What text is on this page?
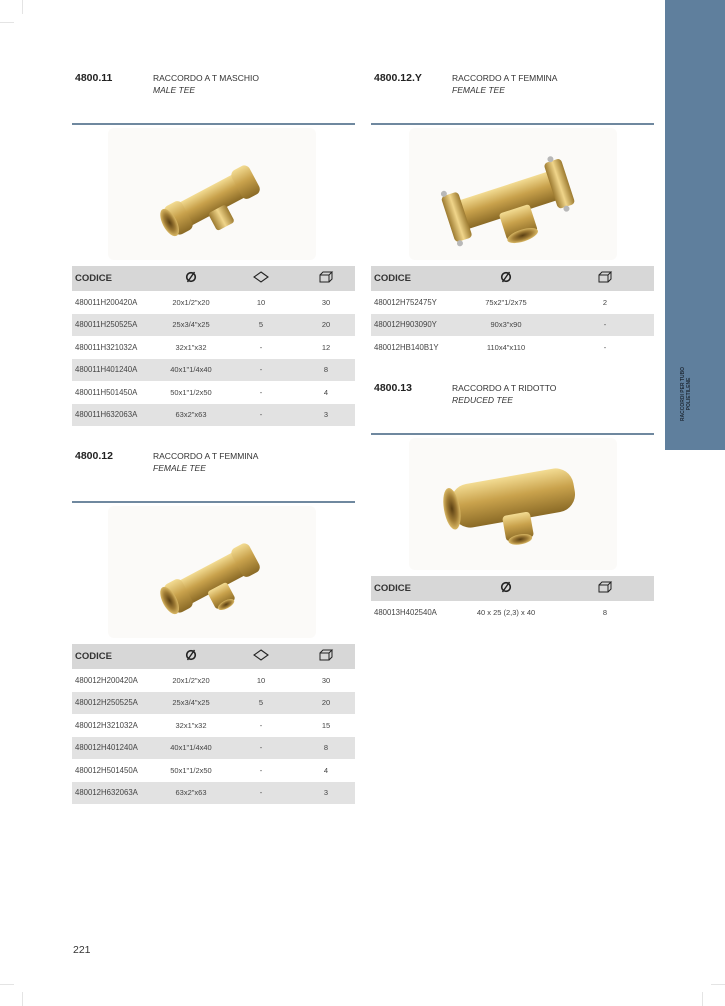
RACCORDI PER TUBO POLIETILENE
4800.11	RACCORDO A T MASCHIO
MALE TEE
CODICE			
480011H200420A	20x1/2"x20	10	30
480011H250525A	25x3/4"x25	5	20
480011H321032A	32x1"x32	-	12
480011H401240A	40x1"1/4x40	-	8
480011H501450A	50x1"1/2x50	-	4
480011H632063A	63x2"x63	-	3
4800.12.Y	RACCORDO A T FEMMINA
FEMALE TEE
CODICE		
480012H752475Y	75x2"1/2x75	2
480012H903090Y	90x3"x90	-
480012HB140B1Y	110x4"x110	-
4800.13	RACCORDO A T RIDOTTO
REDUCED TEE
CODICE		
480013H402540A	40 x 25 (2,3) x 40	8
4800.12	RACCORDO A T FEMMINA
FEMALE TEE
CODICE			
480012H200420A	20x1/2"x20	10	30
480012H250525A	25x3/4"x25	5	20
480012H321032A	32x1"x32	-	15
480012H401240A	40x1"1/4x40	-	8
480012H501450A	50x1"1/2x50	-	4
480012H632063A	63x2"x63	-	3
221
